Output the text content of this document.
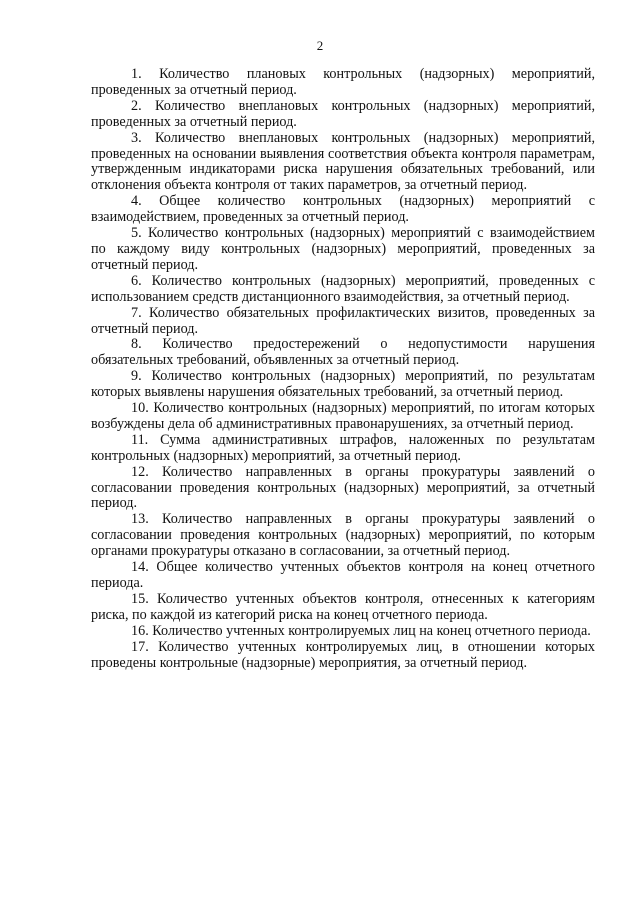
2

1. Количество плановых контрольных (надзорных) мероприятий, проведенных за отчетный период.

2. Количество внеплановых контрольных (надзорных) мероприятий, проведенных за отчетный период.

3. Количество внеплановых контрольных (надзорных) мероприятий, проведенных на основании выявления соответствия объекта контроля параметрам, утвержденным индикаторами риска нарушения обязательных требований, или отклонения объекта контроля от таких параметров, за отчетный период.

4. Общее количество контрольных (надзорных) мероприятий с взаимодействием, проведенных за отчетный период.

5. Количество контрольных (надзорных) мероприятий с взаимодействием по каждому виду контрольных (надзорных) мероприятий, проведенных за отчетный период.

6. Количество контрольных (надзорных) мероприятий, проведенных с использованием средств дистанционного взаимодействия, за отчетный период.

7. Количество обязательных профилактических визитов, проведенных за отчетный период.

8. Количество предостережений о недопустимости нарушения обязательных требований, объявленных за отчетный период.

9. Количество контрольных (надзорных) мероприятий, по результатам которых выявлены нарушения обязательных требований, за отчетный период.

10. Количество контрольных (надзорных) мероприятий, по итогам которых возбуждены дела об административных правонарушениях, за отчетный период.

11. Сумма административных штрафов, наложенных по результатам контрольных (надзорных) мероприятий, за отчетный период.

12. Количество направленных в органы прокуратуры заявлений о согласовании проведения контрольных (надзорных) мероприятий, за отчетный период.

13. Количество направленных в органы прокуратуры заявлений о согласовании проведения контрольных (надзорных) мероприятий, по которым органами прокуратуры отказано в согласовании, за отчетный период.

14. Общее количество учтенных объектов контроля на конец отчетного периода.

15. Количество учтенных объектов контроля, отнесенных к категориям риска, по каждой из категорий риска на конец отчетного периода.

16. Количество учтенных контролируемых лиц на конец отчетного периода.

17. Количество учтенных контролируемых лиц, в отношении которых проведены контрольные (надзорные) мероприятия, за отчетный период.
